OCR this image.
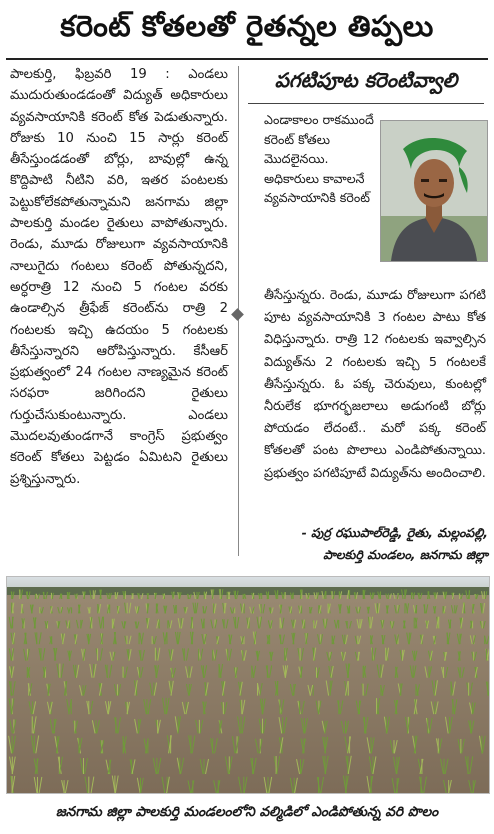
కరెంట్ కోతలతో రైతన్నల తిప్పలు

పాలకుర్తి, ఫిబ్రవరి 19 : ఎండలు ముదురుతుండడంతో విద్యుత్ అధికారులు వ్యవసాయానికి కరెంట్ కోత పెడుతున్నారు. రోజుకు 10 నుంచి 15 సార్లు కరెంట్ తీసేస్తుండడంతో బోర్లు, బావుల్లో ఉన్న కొద్దిపాటి నీటిని వరి, ఇతర పంటలకు పెట్టుకోలేకపోతున్నామని జనగామ జిల్లా పాలకుర్తి మండల రైతులు వాపోతున్నారు. రెండు, మూడు రోజులుగా వ్యవసాయానికి నాలుగైదు గంటలు కరెంట్ పోతున్నదని, అర్ధరాత్రి 12 నుంచి 5 గంటల వరకు ఉండాల్సిన త్రీఫేజ్ కరెంట్‌ను రాత్రి 2 గంటలకు ఇచ్చి ఉదయం 5 గంటలకు తీసేస్తున్నారని ఆరోపిస్తున్నారు. కేసీఆర్ ప్రభుత్వంలో 24 గంటల నాణ్యమైన కరెంట్ సరఫరా జరిగిందని రైతులు గుర్తుచేసుకుంటున్నారు. ఎండలు మొదలవుతుండగానే కాంగ్రెస్ ప్రభుత్వం కరెంట్ కోతలు పెట్టడం ఏమిటని రైతులు ప్రశ్నిస్తున్నారు.

పగటిపూట కరెంటివ్వాలి

ఎండాకాలం రాకముందే కరెంట్ కోతలు మొదలైనయి. అధికారులు కావాలనే వ్యవసాయానికి కరెంట్

తీసేస్తున్నరు. రెండు, మూడు రోజులుగా పగటి పూట వ్యవసాయానికి 3 గంటల పాటు కోత విధిస్తున్నారు. రాత్రి 12 గంటలకు ఇవ్వాల్సిన విద్యుత్‌ను 2 గంటలకు ఇచ్చి 5 గంటలకే తీసేస్తున్నరు. ఓ పక్క చెరువులు, కుంటల్లో నీరులేక భూగర్భజలాలు అడుగంటి బోర్లు పోయడం లేదంటే.. మరో పక్క కరెంట్ కోతలతో పంట పొలాలు ఎండిపోతున్నాయి. ప్రభుత్వం పగటిపూటే విద్యుత్‌ను అందించాలి.

- పుర్ర రఘుపాల్‌రెడ్డి, రైతు, మల్లంపల్లి,

పాలకుర్తి మండలం, జనగామ జిల్లా

జనగామ జిల్లా పాలకుర్తి మండలంలోని వల్మిడిలో ఎండిపోతున్న వరి పొలం
